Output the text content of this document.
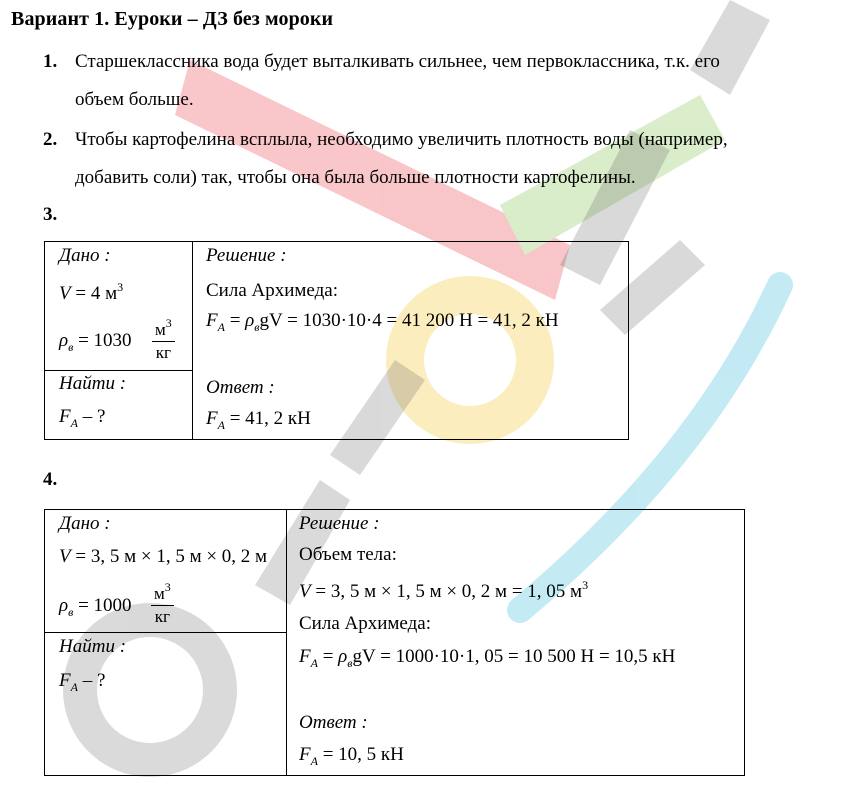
Вариант 1. Еуроки – ДЗ без мороки
1. Старшеклассника вода будет выталкивать сильнее, чем первоклассника, т.к. его
объем больше.
2. Чтобы картофелина всплыла, необходимо увеличить плотность воды (например,
добавить соли) так, чтобы она была больше плотности картофелины.
3.
Дано :
V = 4 $м^3$
$\rho_в = 1030$
$м^3$
кг
Найти :
$F_A$ – ?
Решение :
Сила Архимеда:
$F_A = \rho_вgV = 1030\cdot 10\cdot 4 = 41$ 200 Н = 41, 2 кН
Ответ :
$F_A = 41$, 2 кН
4.
Дано :
V = 3, 5 м × 1, 5 м × 0, 2 м
$\rho_в = 1000$
$м^3$
кг
Найти :
$F_A$ – ?
Решение :
Объем тела:
V = 3, 5 м × 1, 5 м × 0, 2 м = 1, 05 $м^3$
Сила Архимеда:
$F_A = \rho_вgV = 1000\cdot 10\cdot 1$, 05 = 10 500 Н = 10,5 кН
Ответ :
$F_A = 10$, 5 кН
